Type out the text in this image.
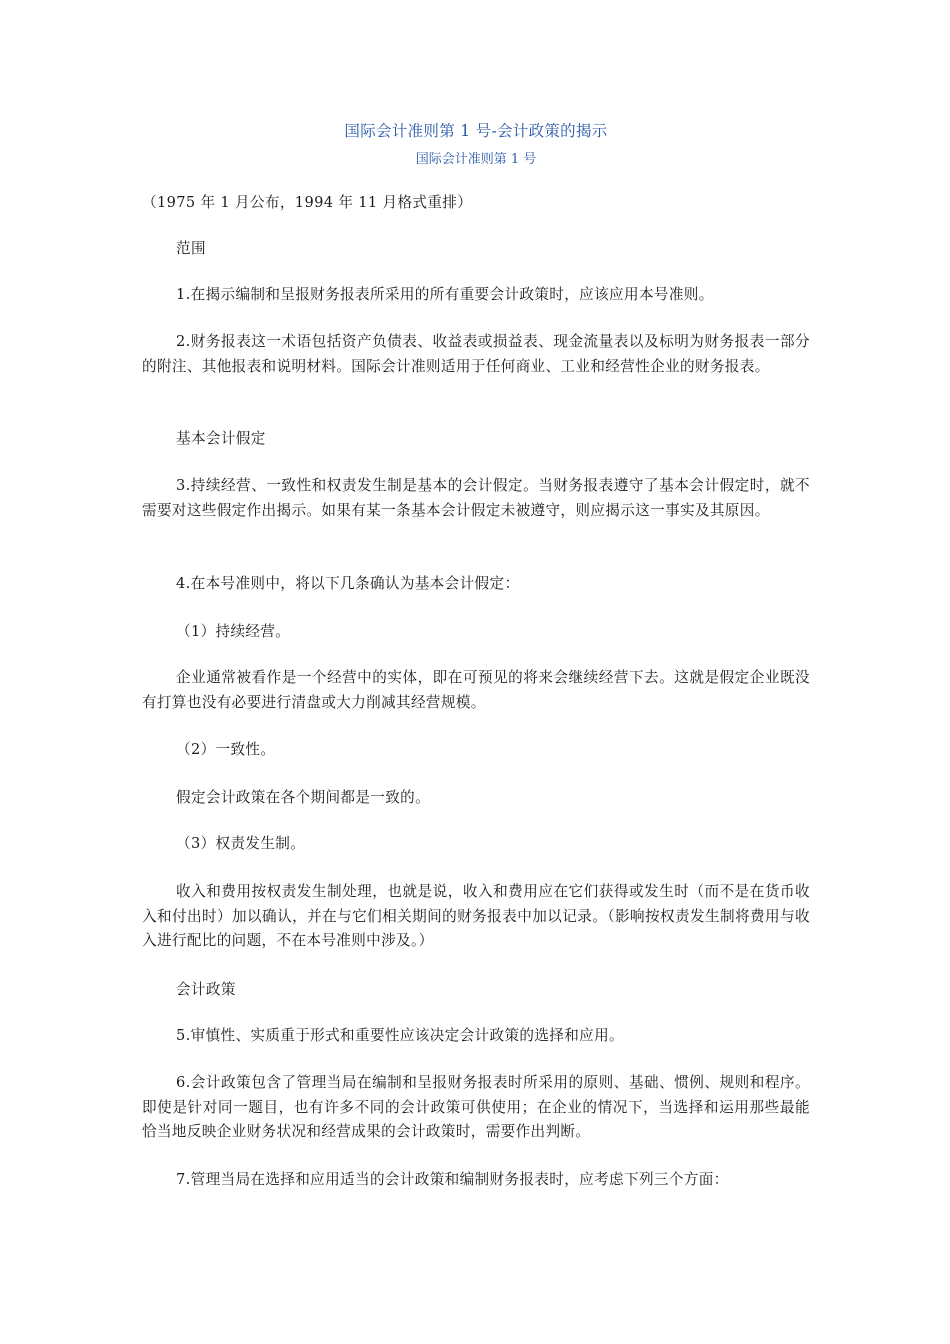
国际会计准则第 1 号-会计政策的揭示
国际会计准则第 1 号

（1975 年 1 月公布，1994 年 11 月格式重排）

范围

1.在揭示编制和呈报财务报表所采用的所有重要会计政策时，应该应用本号准则。

2.财务报表这一术语包括资产负债表、收益表或损益表、现金流量表以及标明为财务报表一部分的附注、其他报表和说明材料。国际会计准则适用于任何商业、工业和经营性企业的财务报表。

基本会计假定

3.持续经营、一致性和权责发生制是基本的会计假定。当财务报表遵守了基本会计假定时，就不需要对这些假定作出揭示。如果有某一条基本会计假定未被遵守，则应揭示这一事实及其原因。

4.在本号准则中，将以下几条确认为基本会计假定：

（1）持续经营。

企业通常被看作是一个经营中的实体，即在可预见的将来会继续经营下去。这就是假定企业既没有打算也没有必要进行清盘或大力削减其经营规模。

（2）一致性。

假定会计政策在各个期间都是一致的。

（3）权责发生制。

收入和费用按权责发生制处理，也就是说，收入和费用应在它们获得或发生时（而不是在货币收入和付出时）加以确认，并在与它们相关期间的财务报表中加以记录。（影响按权责发生制将费用与收入进行配比的问题，不在本号准则中涉及。）

会计政策

5.审慎性、实质重于形式和重要性应该决定会计政策的选择和应用。

6.会计政策包含了管理当局在编制和呈报财务报表时所采用的原则、基础、惯例、规则和程序。即使是针对同一题目，也有许多不同的会计政策可供使用；在企业的情况下，当选择和运用那些最能恰当地反映企业财务状况和经营成果的会计政策时，需要作出判断。

7.管理当局在选择和应用适当的会计政策和编制财务报表时，应考虑下列三个方面：
